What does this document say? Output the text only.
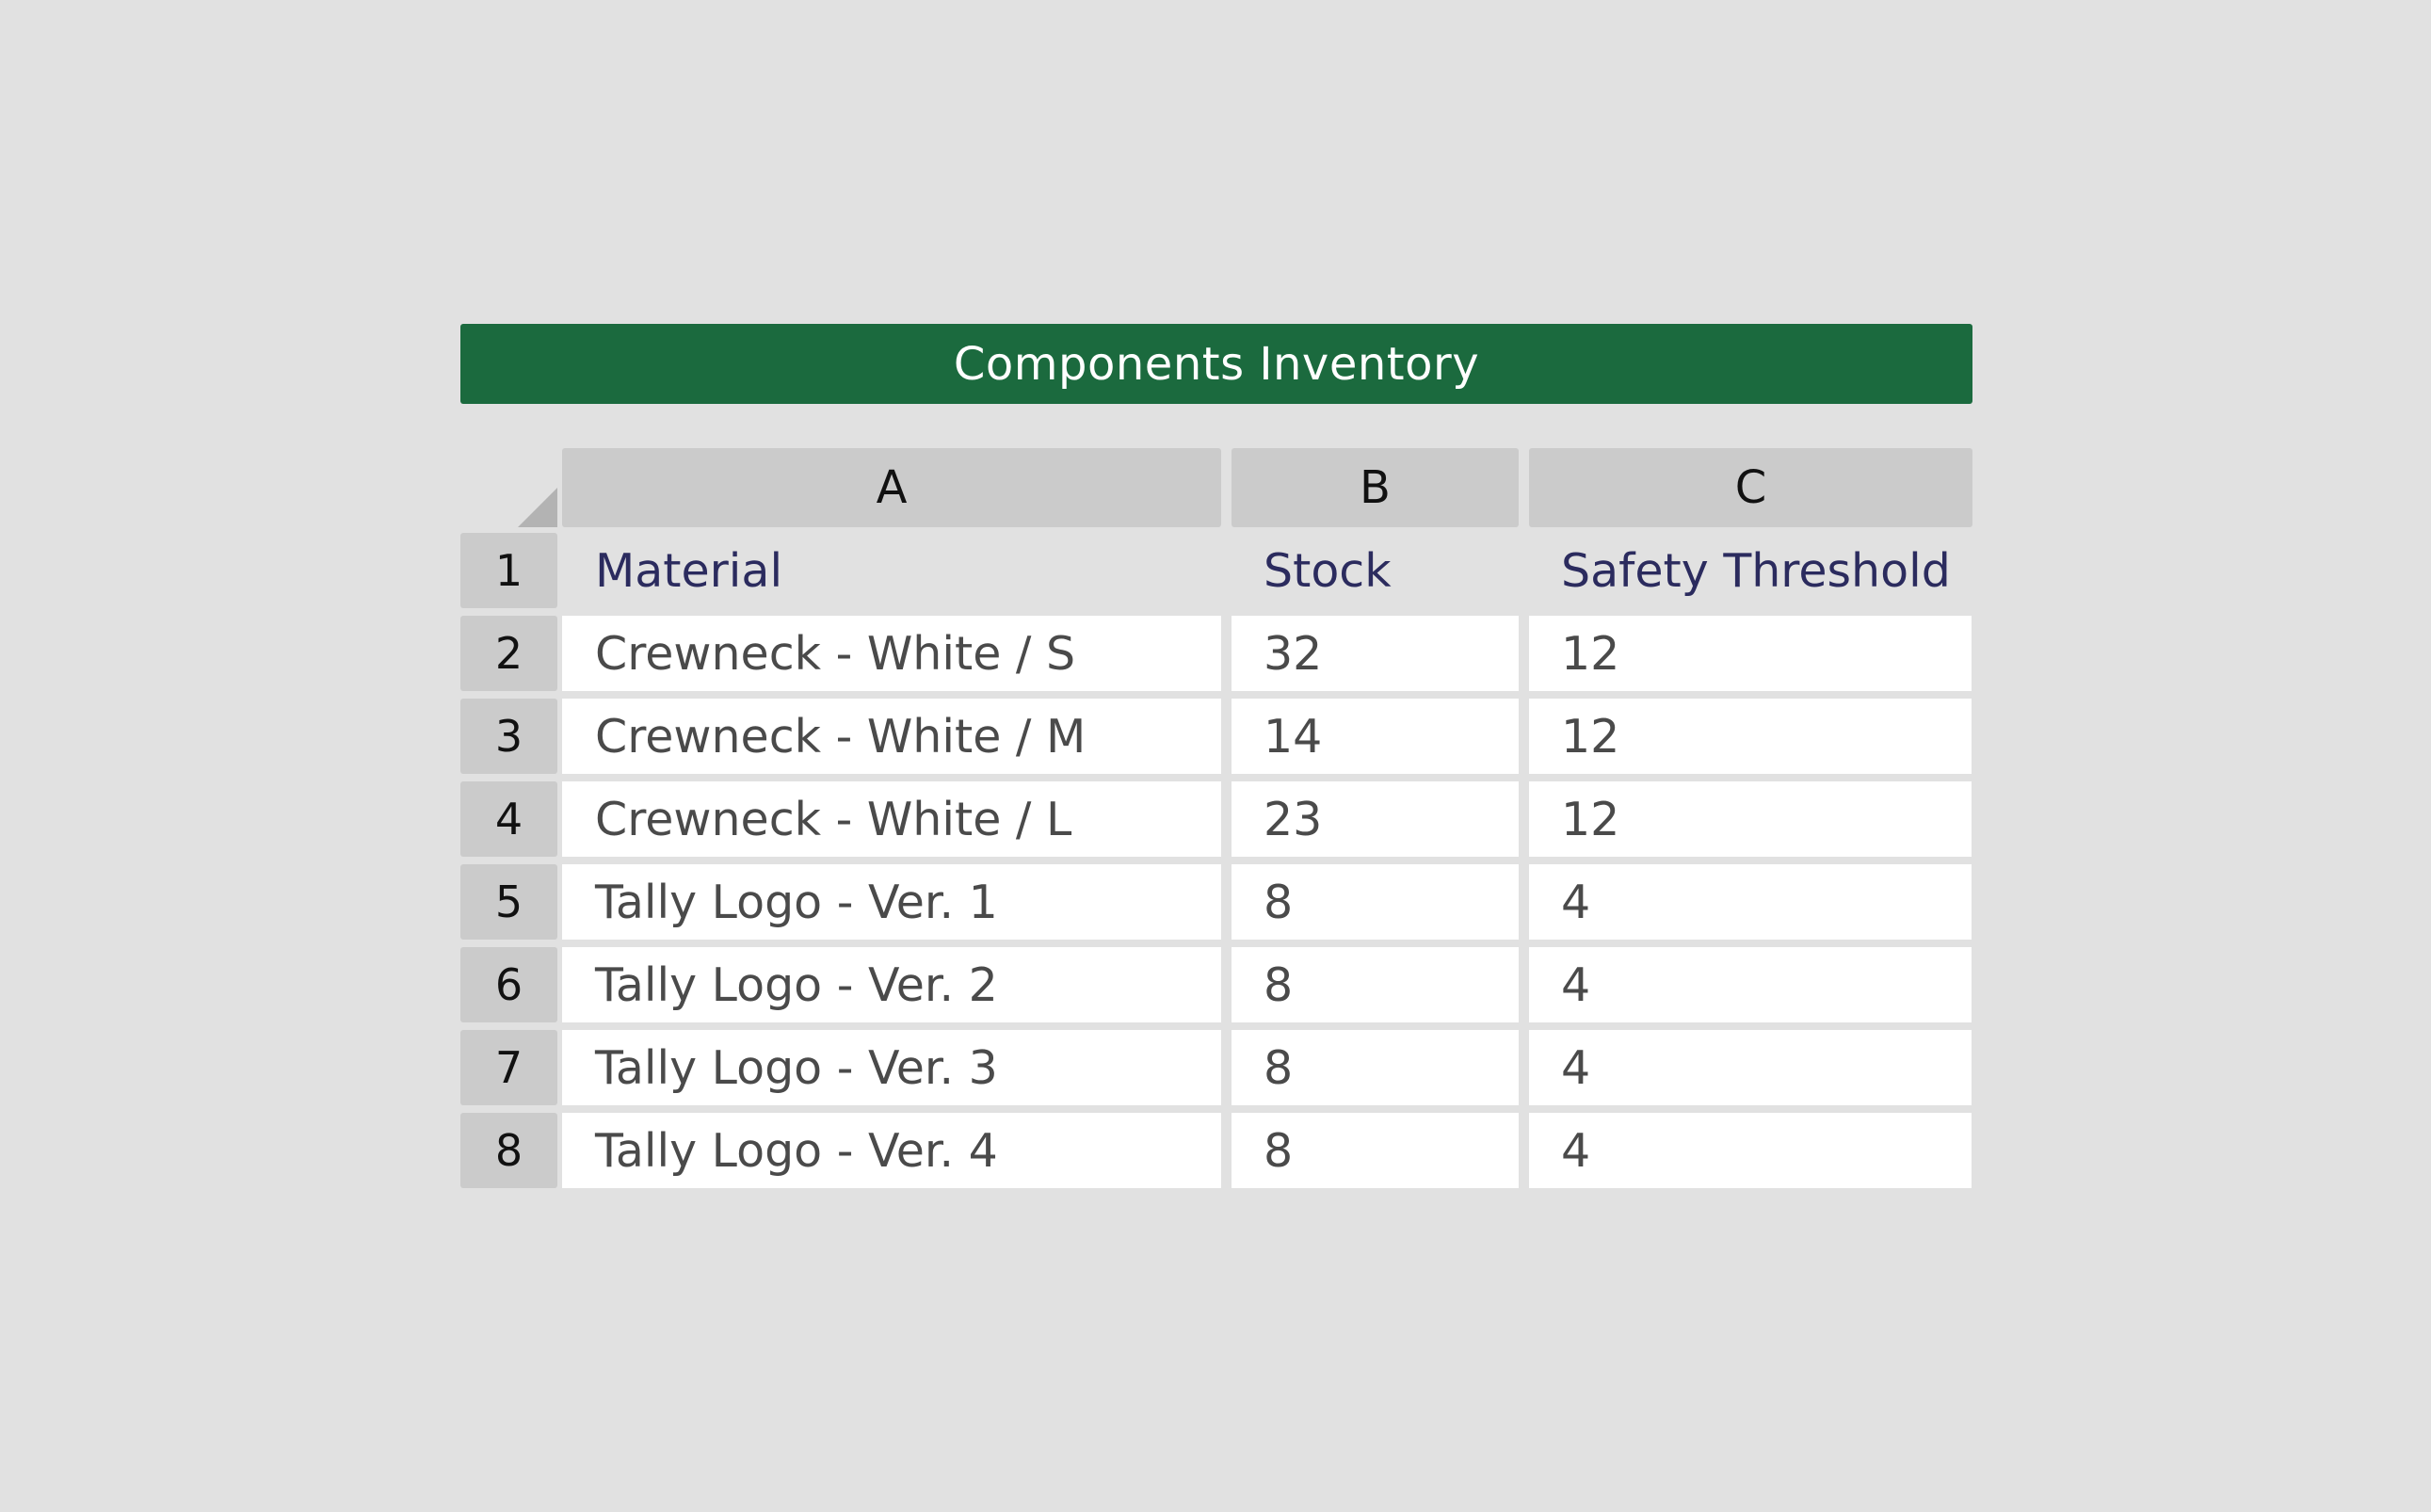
Components Inventory
A	B	C
1	Material	Stock	Safety Threshold
2	Crewneck - White / S	32	12
3	Crewneck - White / M	14	12
4	Crewneck - White / L	23	12
5	Tally Logo - Ver. 1	8	4
6	Tally Logo - Ver. 2	8	4
7	Tally Logo - Ver. 3	8	4
8	Tally Logo - Ver. 4	8	4
